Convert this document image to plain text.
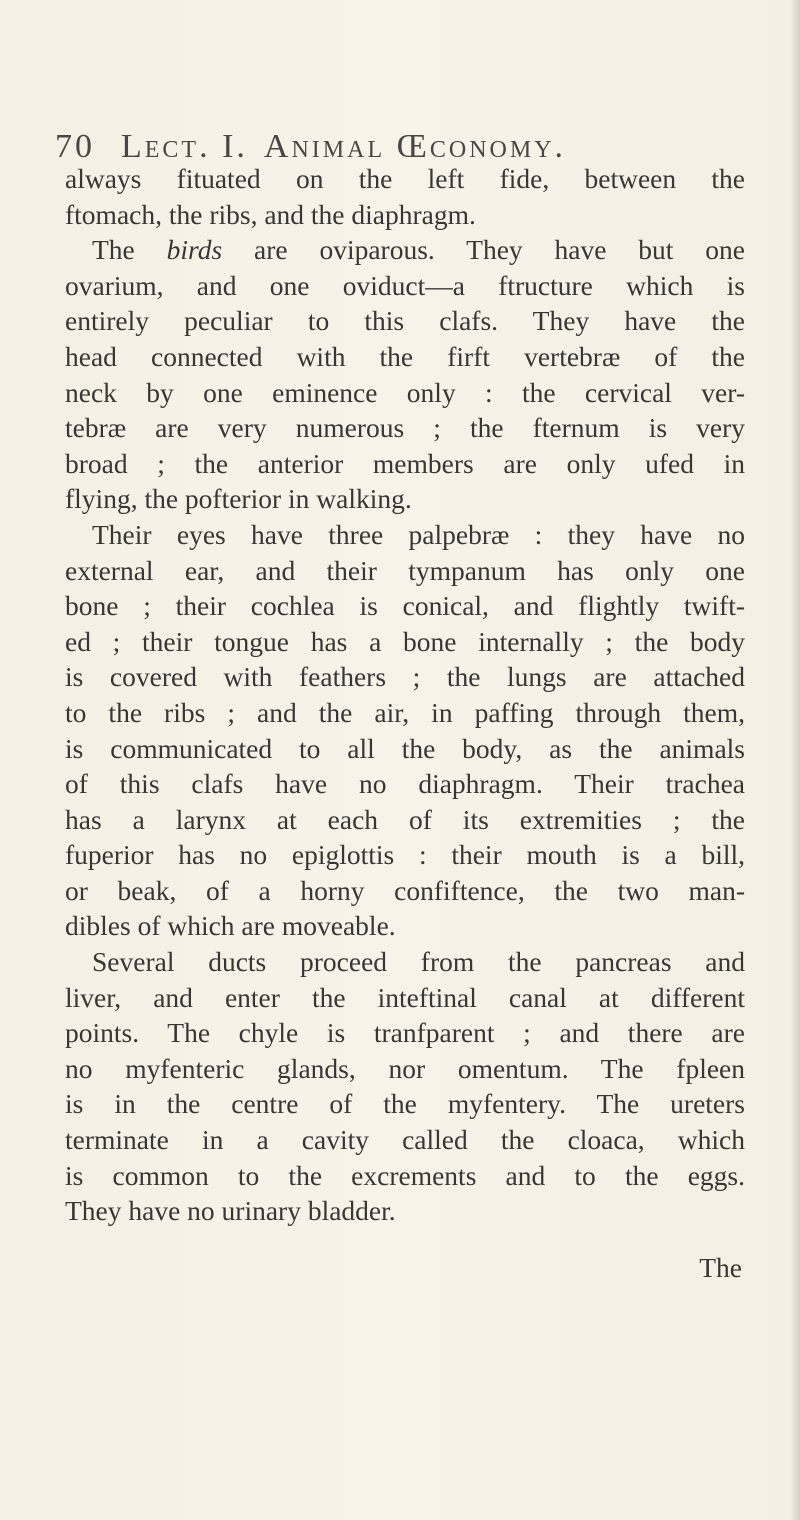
70 Lect. I. Animal Œconomy.
always fituated on the left fide, between the
ftomach, the ribs, and the diaphragm.
The birds are oviparous. They have but one
ovarium, and one oviduct—a ftructure which is
entirely peculiar to this clafs. They have the
head connected with the firft vertebræ of the
neck by one eminence only : the cervical ver-
tebræ are very numerous ; the fternum is very
broad ; the anterior members are only ufed in
flying, the pofterior in walking.
Their eyes have three palpebræ : they have no
external ear, and their tympanum has only one
bone ; their cochlea is conical, and flightly twift-
ed ; their tongue has a bone internally ; the body
is covered with feathers ; the lungs are attached
to the ribs ; and the air, in paffing through them,
is communicated to all the body, as the animals
of this clafs have no diaphragm. Their trachea
has a larynx at each of its extremities ; the
fuperior has no epiglottis : their mouth is a bill,
or beak, of a horny confiftence, the two man-
dibles of which are moveable.
Several ducts proceed from the pancreas and
liver, and enter the inteftinal canal at different
points. The chyle is tranfparent ; and there are
no myfenteric glands, nor omentum. The fpleen
is in the centre of the myfentery. The ureters
terminate in a cavity called the cloaca, which
is common to the excrements and to the eggs.
They have no urinary bladder.
The
